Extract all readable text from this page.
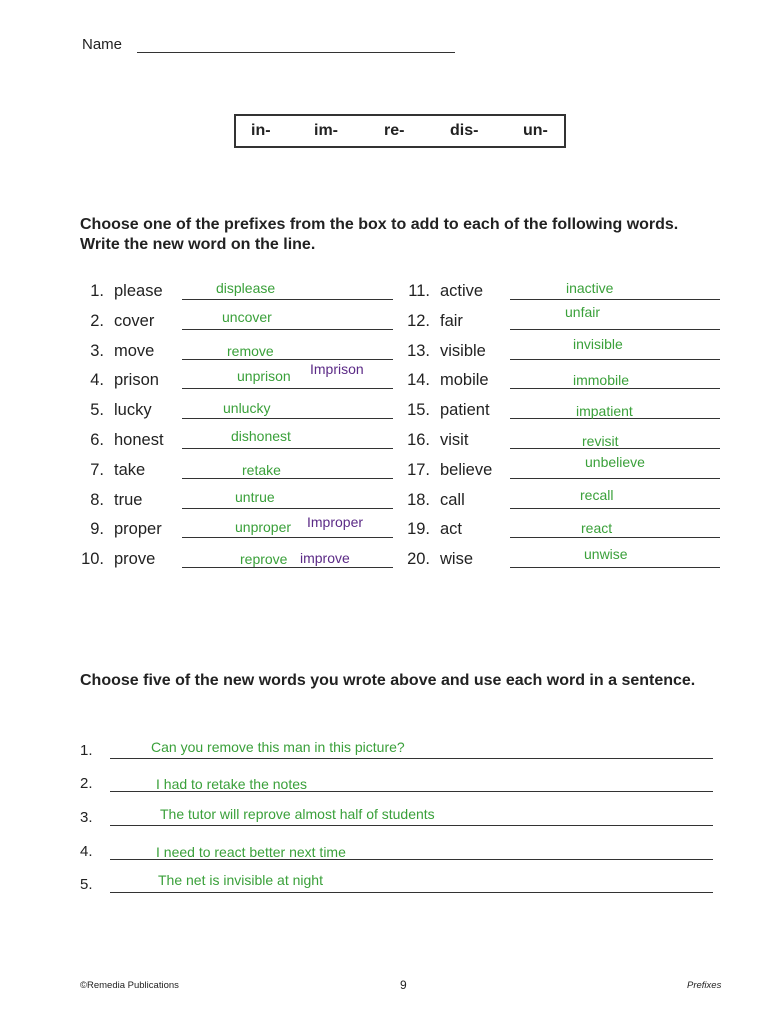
Name
in-	im-	re-	dis-	un-
Choose one of the prefixes from the box to add to each of the following words. Write the new word on the line.
1. please	displease
2. cover	uncover
3. move	remove
4. prison	unprison Imprison
5. lucky	unlucky
6. honest	dishonest
7. take	retake
8. true	untrue
9. proper	unproper Improper
10. prove	reprove improve
11. active	inactive
12. fair	unfair
13. visible	invisible
14. mobile	immobile
15. patient	impatient
16. visit	revisit
17. believe	unbelieve
18. call	recall
19. act	react
20. wise	unwise
Choose five of the new words you wrote above and use each word in a sentence.
1.	Can you remove this man in this picture?
2.	I had to retake the notes
3.	The tutor will reprove almost half of students
4.	I need to react better next time
5.	The net is invisible at night
©Remedia Publications	9	Prefixes
